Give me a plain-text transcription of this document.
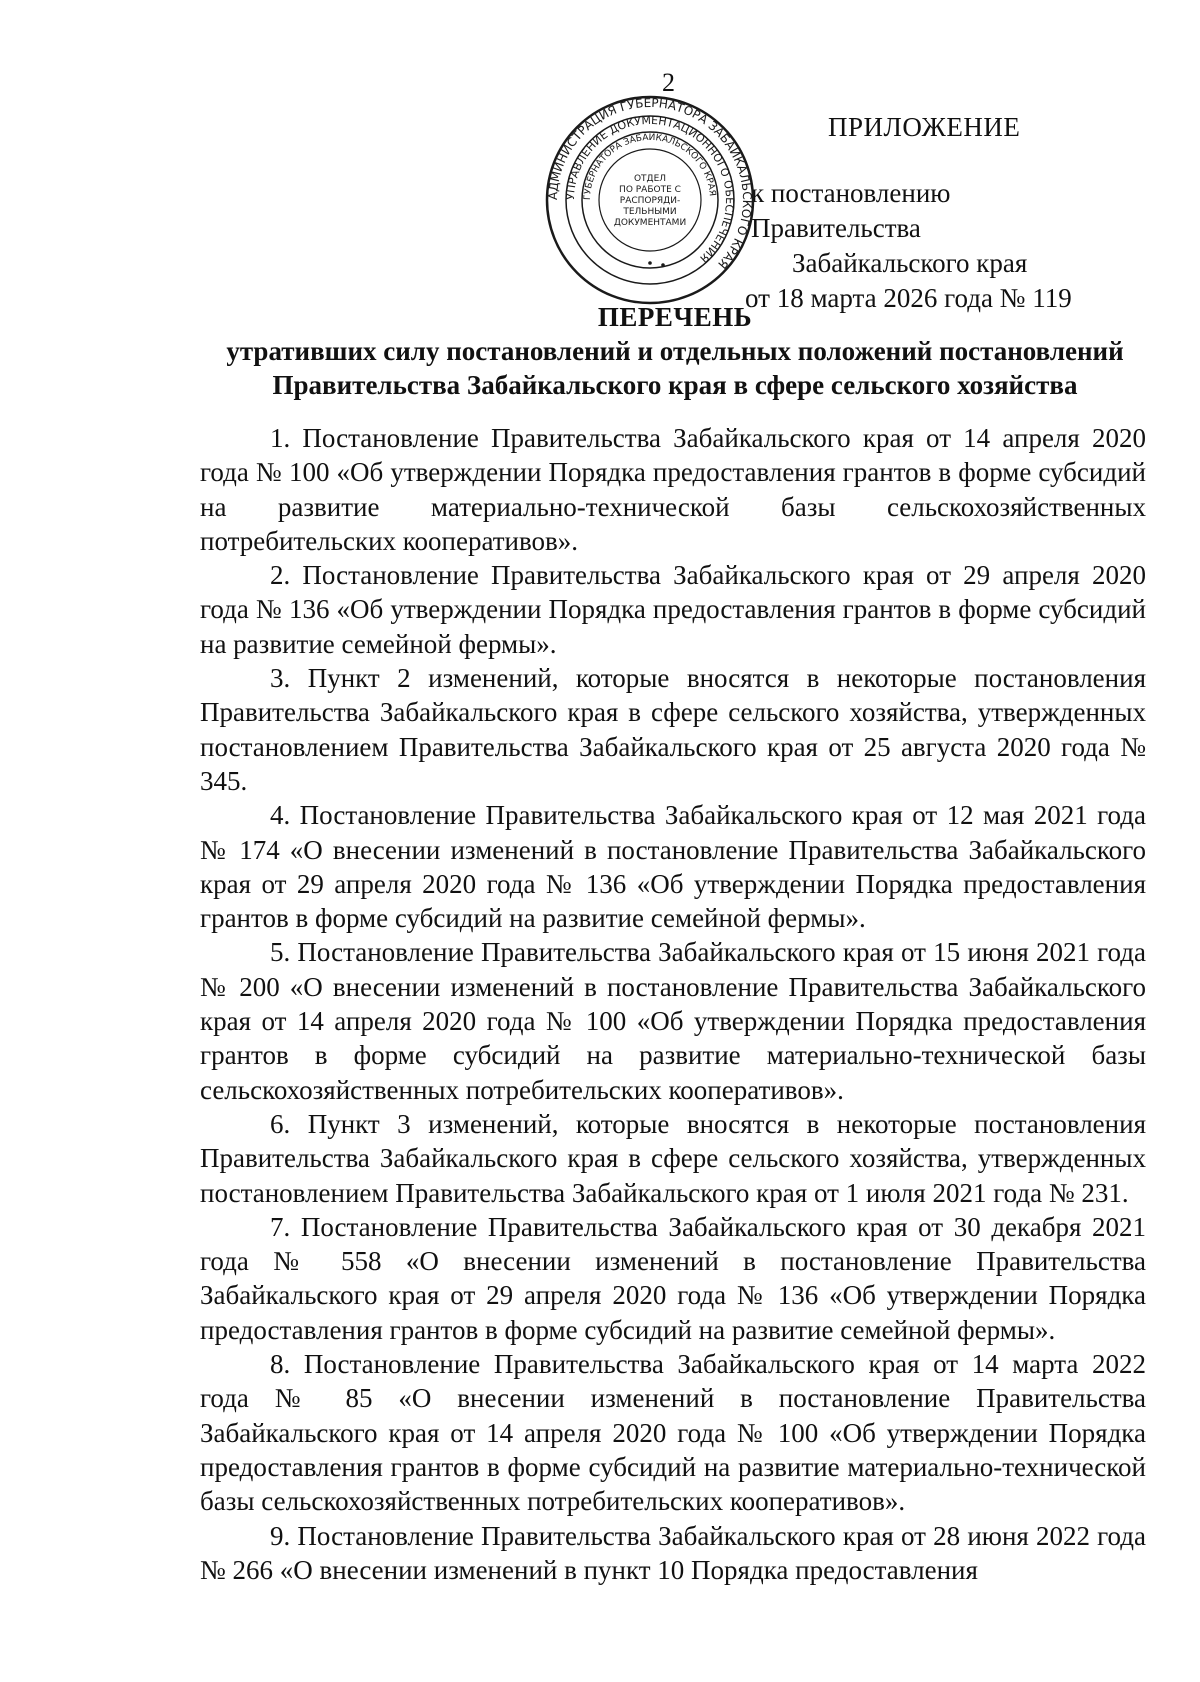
2
ПРИЛОЖЕНИЕ
к постановлению Правительства
Забайкальского края
от 18 марта 2026 года № 119
АДМИНИСТРАЦИЯ ГУБЕРНАТОРА ЗАБАЙКАЛЬСКОГО КРАЯ
УПРАВЛЕНИЕ ДОКУМЕНТАЦИОННОГО ОБЕСПЕЧЕНИЯ
ГУБЕРНАТОРА ЗАБАЙКАЛЬСКОГО КРАЯ
ОТДЕЛ
ПО РАБОТЕ С
РАСПОРЯДИ-
ТЕЛЬНЫМИ
ДОКУМЕНТАМИ
ПЕРЕЧЕНЬ
утративших силу постановлений и отдельных положений постановлений
Правительства Забайкальского края в сфере сельского хозяйства

1. Постановление Правительства Забайкальского края от 14 апреля 2020 года № 100 «Об утверждении Порядка предоставления грантов в форме субсидий на развитие материально-технической базы сельскохозяйственных потребительских кооперативов».

2. Постановление Правительства Забайкальского края от 29 апреля 2020 года № 136 «Об утверждении Порядка предоставления грантов в форме субсидий на развитие семейной фермы».

3. Пункт 2 изменений, которые вносятся в некоторые постановления Правительства Забайкальского края в сфере сельского хозяйства, утвержденных постановлением Правительства Забайкальского края от 25 августа 2020 года № 345.

4. Постановление Правительства Забайкальского края от 12 мая 2021 года № 174 «О внесении изменений в постановление Правительства Забайкальского края от 29 апреля 2020 года № 136 «Об утверждении Порядка предоставления грантов в форме субсидий на развитие семейной фермы».

5. Постановление Правительства Забайкальского края от 15 июня 2021 года № 200 «О внесении изменений в постановление Правительства Забайкальского края от 14 апреля 2020 года № 100 «Об утверждении Порядка предоставления грантов в форме субсидий на развитие материально-технической базы сельскохозяйственных потребительских кооперативов».

6. Пункт 3 изменений, которые вносятся в некоторые постановления Правительства Забайкальского края в сфере сельского хозяйства, утвержденных постановлением Правительства Забайкальского края от 1 июля 2021 года № 231.

7. Постановление Правительства Забайкальского края от 30 декабря 2021 года № 558 «О внесении изменений в постановление Правительства Забайкальского края от 29 апреля 2020 года № 136 «Об утверждении Порядка предоставления грантов в форме субсидий на развитие семейной фермы».

8. Постановление Правительства Забайкальского края от 14 марта 2022 года № 85 «О внесении изменений в постановление Правительства Забайкальского края от 14 апреля 2020 года № 100 «Об утверждении Порядка предоставления грантов в форме субсидий на развитие материально-технической базы сельскохозяйственных потребительских кооперативов».

9. Постановление Правительства Забайкальского края от 28 июня 2022 года № 266 «О внесении изменений в пункт 10 Порядка предоставления
